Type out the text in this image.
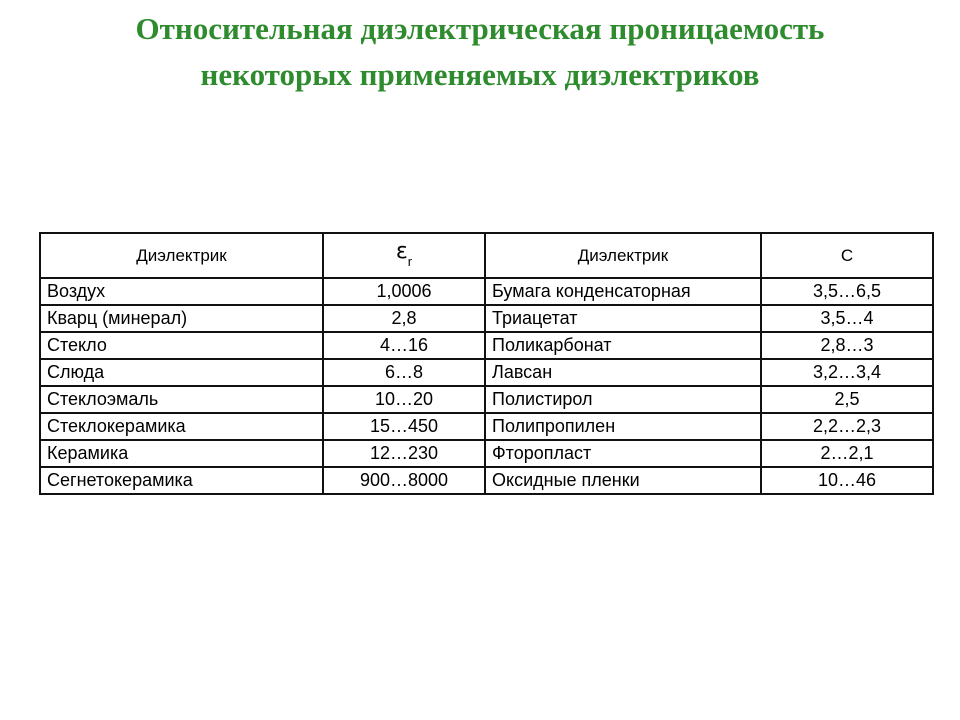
Относительная диэлектрическая проницаемость
некоторых применяемых диэлектриков
Диэлектрик	$\varepsilon_r$	Диэлектрик	С
Воздух	1,0006	Бумага конденсаторная	3,5…6,5
Кварц (минерал)	2,8	Триацетат	3,5…4
Стекло	4…16	Поликарбонат	2,8…3
Слюда	6…8	Лавсан	3,2…3,4
Стеклоэмаль	10…20	Полистирол	2,5
Стеклокерамика	15…450	Полипропилен	2,2…2,3
Керамика	12…230	Фторопласт	2…2,1
Сегнетокерамика	900…8000	Оксидные пленки	10…46
